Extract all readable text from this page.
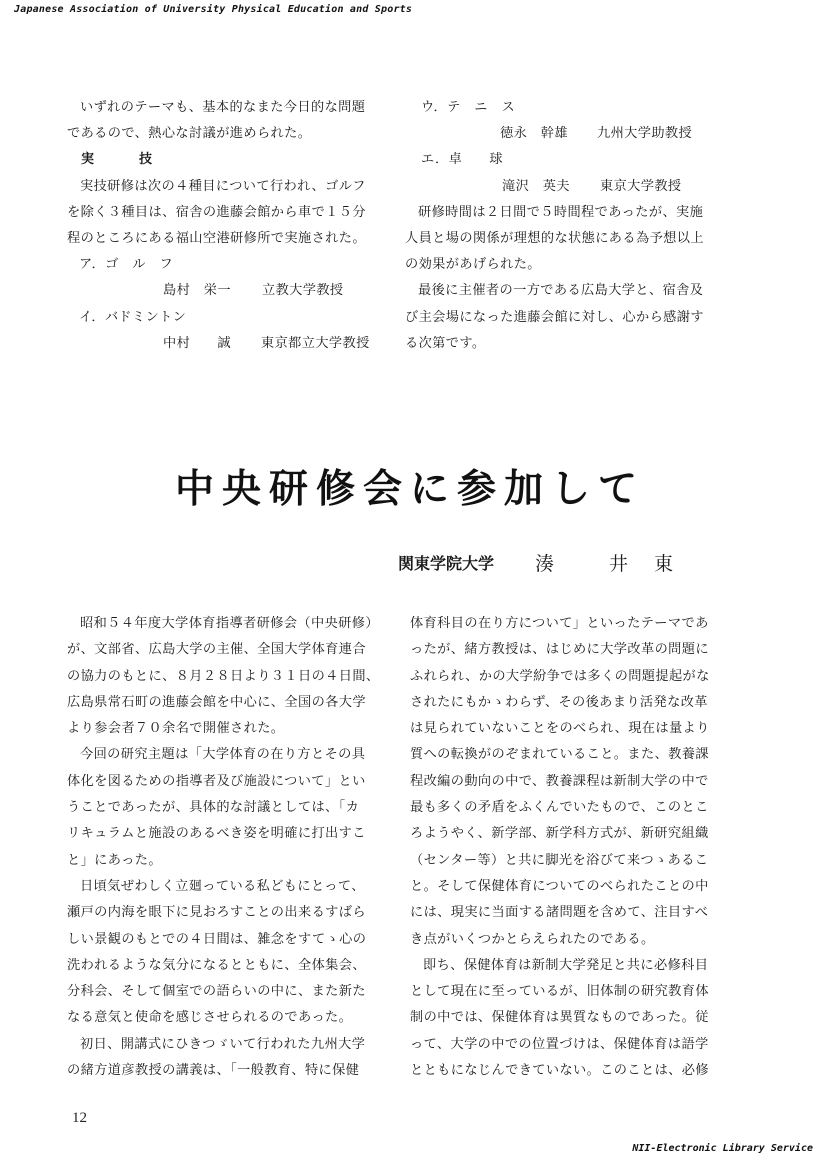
Japanese Association of University Physical Education and Sports
いずれのテーマも、基本的なまた今日的な問題
であるので、熱心な討議が進められた。
実　技
実技研修は次の４種目について行われ、ゴルフ
を除く３種目は、宿舎の進藤会館から車で１５分
程のところにある福山空港研修所で実施された。
ア．ゴ　ル　フ
島村　栄一 立教大学教授
イ．バドミントン
中村　　誠 東京都立大学教授
ウ．テ　ニ　ス
徳永　幹雄 九州大学助教授
エ．卓　　球
滝沢　英夫 東京大学教授
研修時間は２日間で５時間程であったが、実施
人員と場の関係が理想的な状態にある為予想以上
の効果があげられた。
最後に主催者の一方である広島大学と、宿舎及
び主会場になった進藤会館に対し、心から感謝す
る次第です。
中央研修会に参加して
関東学院大学 湊	井 東
昭和５４年度大学体育指導者研修会（中央研修）
が、文部省、広島大学の主催、全国大学体育連合
の協力のもとに、８月２８日より３１日の４日間、
広島県常石町の進藤会館を中心に、全国の各大学
より参会者７０余名で開催された。
今回の研究主題は「大学体育の在り方とその具
体化を図るための指導者及び施設について」とい
うことであったが、具体的な討議としては、「カ
リキュラムと施設のあるべき姿を明確に打出すこ
と」にあった。
日頃気ぜわしく立廻っている私どもにとって、
瀬戸の内海を眼下に見おろすことの出来るすばら
しい景観のもとでの４日間は、雑念をすてゝ心の
洗われるような気分になるとともに、全体集会、
分科会、そして個室での語らいの中に、また新た
なる意気と使命を感じさせられるのであった。
初日、開講式にひきつゞいて行われた九州大学
の緒方道彦教授の講義は、「一般教育、特に保健
体育科目の在り方について」といったテーマであ
ったが、緒方教授は、はじめに大学改革の問題に
ふれられ、かの大学紛争では多くの問題提起がな
されたにもかゝわらず、その後あまり活発な改革
は見られていないことをのべられ、現在は量より
質への転換がのぞまれていること。また、教養課
程改編の動向の中で、教養課程は新制大学の中で
最も多くの矛盾をふくんでいたもので、このとこ
ろようやく、新学部、新学科方式が、新研究組織
（センター等）と共に脚光を浴びて来つゝあるこ
と。そして保健体育についてのべられたことの中
には、現実に当面する諸問題を含めて、注目すべ
き点がいくつかとらえられたのである。
即ち、保健体育は新制大学発足と共に必修科目
として現在に至っているが、旧体制の研究教育体
制の中では、保健体育は異質なものであった。従
って、大学の中での位置づけは、保健体育は語学
とともになじんできていない。このことは、必修
12
NII-Electronic Library Service
